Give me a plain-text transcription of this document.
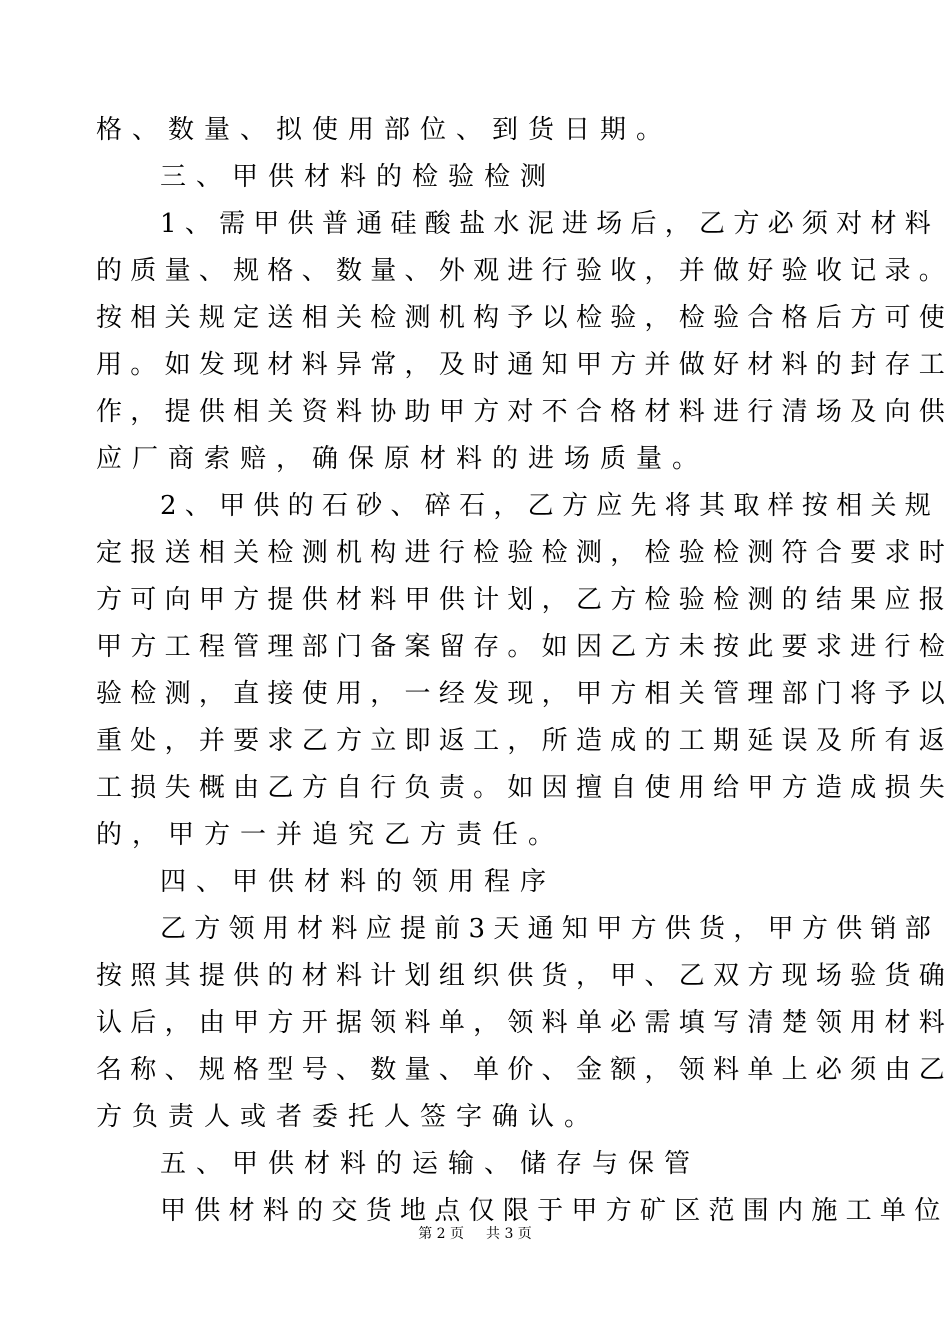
格、数量、拟使用部位、到货日期。
三、甲供材料的检验检测
1 、 需 甲 供 普 通 硅 酸 盐 水 泥 进 场 后 ， 乙 方 必 须 对 材 料
的 质 量 、 规 格 、 数 量 、 外 观 进 行 验 收 ， 并 做 好 验 收 记 录 。
按 相 关 规 定 送 相 关 检 测 机 构 予 以 检 验 ， 检 验 合 格 后 方 可 使
用 。 如 发 现 材 料 异 常 ， 及 时 通 知 甲 方 并 做 好 材 料 的 封 存 工
作 ， 提 供 相 关 资 料 协 助 甲 方 对 不 合 格 材 料 进 行 清 场 及 向 供
应厂商索赔，确保原材料的进场质量。
2 、 甲 供 的 石 砂 、 碎 石 ， 乙 方 应 先 将 其 取 样 按 相 关 规
定 报 送 相 关 检 测 机 构 进 行 检 验 检 测 ， 检 验 检 测 符 合 要 求 时
方 可 向 甲 方 提 供 材 料 甲 供 计 划 ， 乙 方 检 验 检 测 的 结 果 应 报
甲 方 工 程 管 理 部 门 备 案 留 存 。 如 因 乙 方 未 按 此 要 求 进 行 检
验 检 测 ， 直 接 使 用 ， 一 经 发 现 ， 甲 方 相 关 管 理 部 门 将 予 以
重 处 ， 并 要 求 乙 方 立 即 返 工 ， 所 造 成 的 工 期 延 误 及 所 有 返
工 损 失 概 由 乙 方 自 行 负 责 。 如 因 擅 自 使 用 给 甲 方 造 成 损 失
的，甲方一并追究乙方责任。
四、甲供材料的领用程序
乙 方 领 用 材 料 应 提 前 3 天 通 知 甲 方 供 货 ， 甲 方 供 销 部
按 照 其 提 供 的 材 料 计 划 组 织 供 货 ， 甲 、 乙 双 方 现 场 验 货 确
认 后 ， 由 甲 方 开 据 领 料 单 ， 领 料 单 必 需 填 写 清 楚 领 用 材 料
名 称 、 规 格 型 号 、 数 量 、 单 价 、 金 额 ， 领 料 单 上 必 须 由 乙
方负责人或者委托人签字确认。
五、甲供材料的运输、储存与保管
甲 供 材 料 的 交 货 地 点 仅 限 于 甲 方 矿 区 范 围 内 施 工 单 位
第 2 页 共 3 页
